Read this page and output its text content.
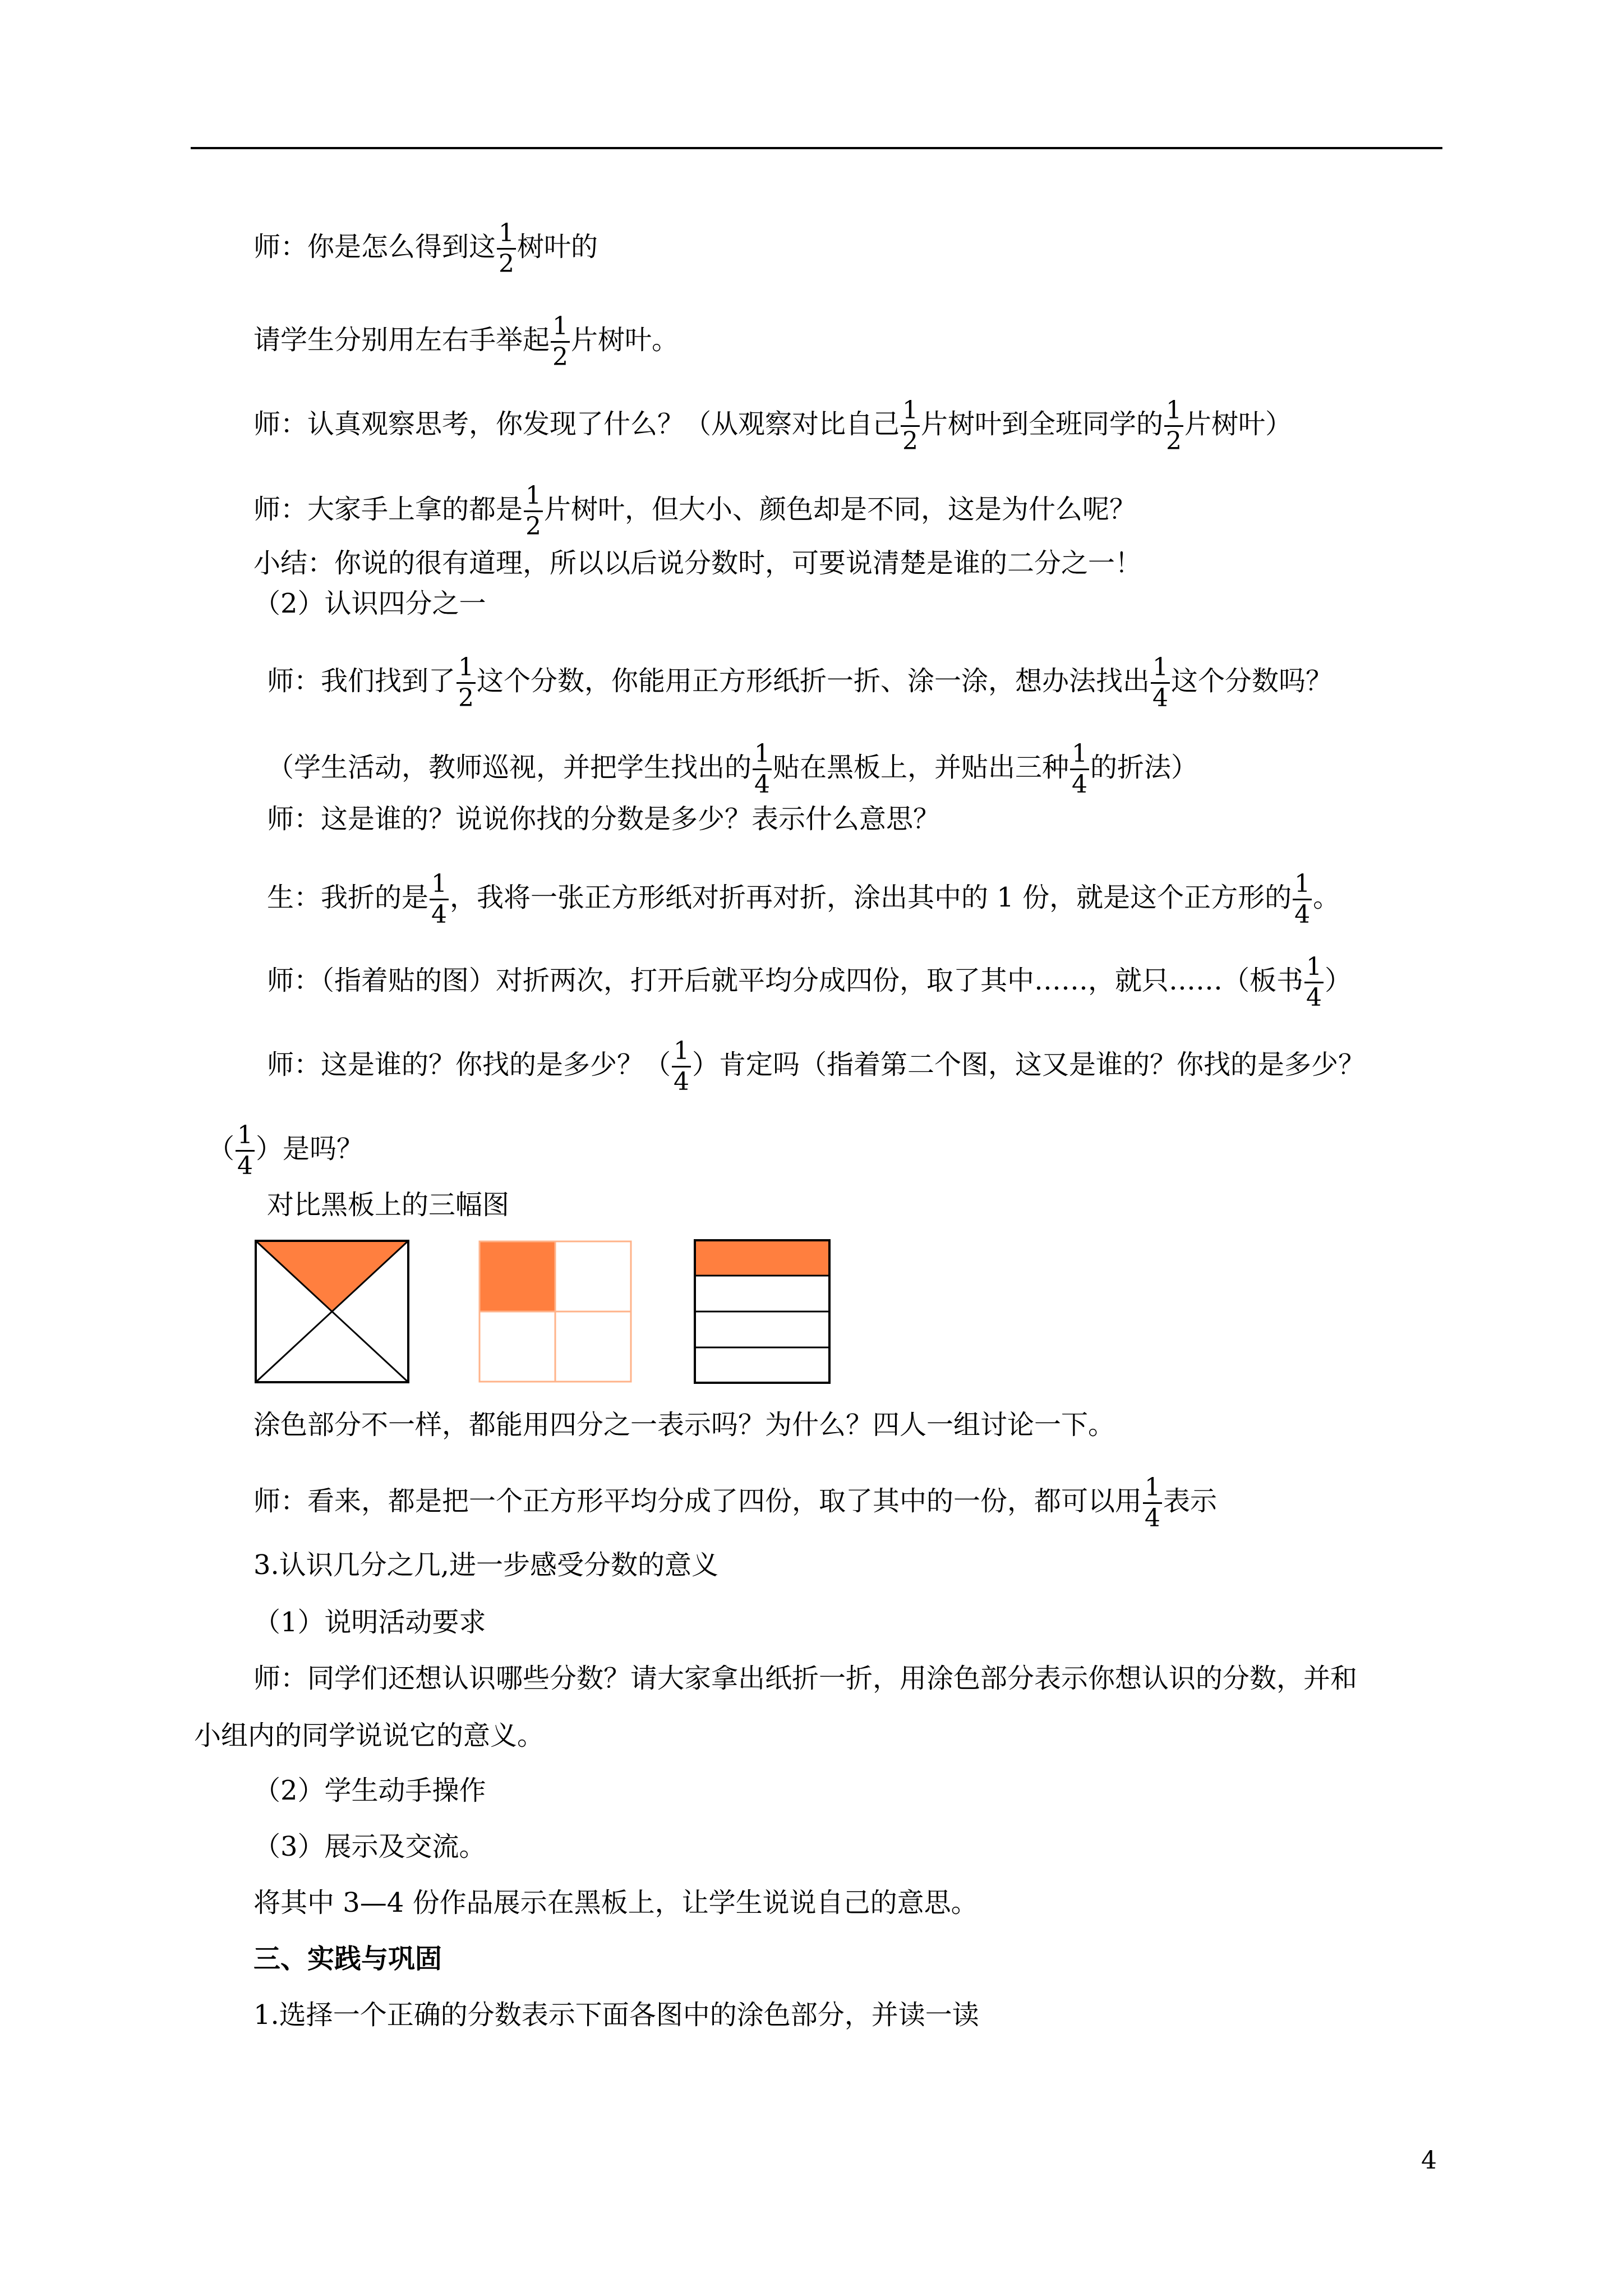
师：你是怎么得到这 $\frac{1}{2}$ 树叶的
请学生分别用左右手举起 $\frac{1}{2}$ 片树叶。
师：认真观察思考，你发现了什么？（从观察对比自己 $\frac{1}{2}$ 片树叶到全班同学的 $\frac{1}{2}$ 片树叶）
师：大家手上拿的都是 $\frac{1}{2}$ 片树叶，但大小、颜色却是不同，这是为什么呢？
小结：你说的很有道理，所以以后说分数时，可要说清楚是谁的二分之一！
（2）认识四分之一
师：我们找到了 $\frac{1}{2}$ 这个分数，你能用正方形纸折一折、涂一涂，想办法找出 $\frac{1}{4}$ 这个分数吗？
（学生活动，教师巡视，并把学生找出的 $\frac{1}{4}$ 贴在黑板上，并贴出三种 $\frac{1}{4}$ 的折法）
师：这是谁的？说说你找的分数是多少？表示什么意思？
生：我折的是 $\frac{1}{4}$ ，我将一张正方形纸对折再对折，涂出其中的 1 份，就是这个正方形的 $\frac{1}{4}$ 。
师：（指着贴的图）对折两次，打开后就平均分成四份，取了其中……，就只……（板书 $\frac{1}{4}$ ）
师：这是谁的？你找的是多少？（ $\frac{1}{4}$ ）肯定吗（指着第二个图，这又是谁的？你找的是多少？
（ $\frac{1}{4}$ ）是吗？
对比黑板上的三幅图
涂色部分不一样，都能用四分之一表示吗？为什么？四人一组讨论一下。
师：看来，都是把一个正方形平均分成了四份，取了其中的一份，都可以用 $\frac{1}{4}$ 表示
3.认识几分之几,进一步感受分数的意义
（1）说明活动要求
师：同学们还想认识哪些分数？请大家拿出纸折一折，用涂色部分表示你想认识的分数，并和
小组内的同学说说它的意义。
（2）学生动手操作
（3）展示及交流。
将其中 3—4 份作品展示在黑板上，让学生说说自己的意思。
三、实践与巩固
1.选择一个正确的分数表示下面各图中的涂色部分，并读一读
4
